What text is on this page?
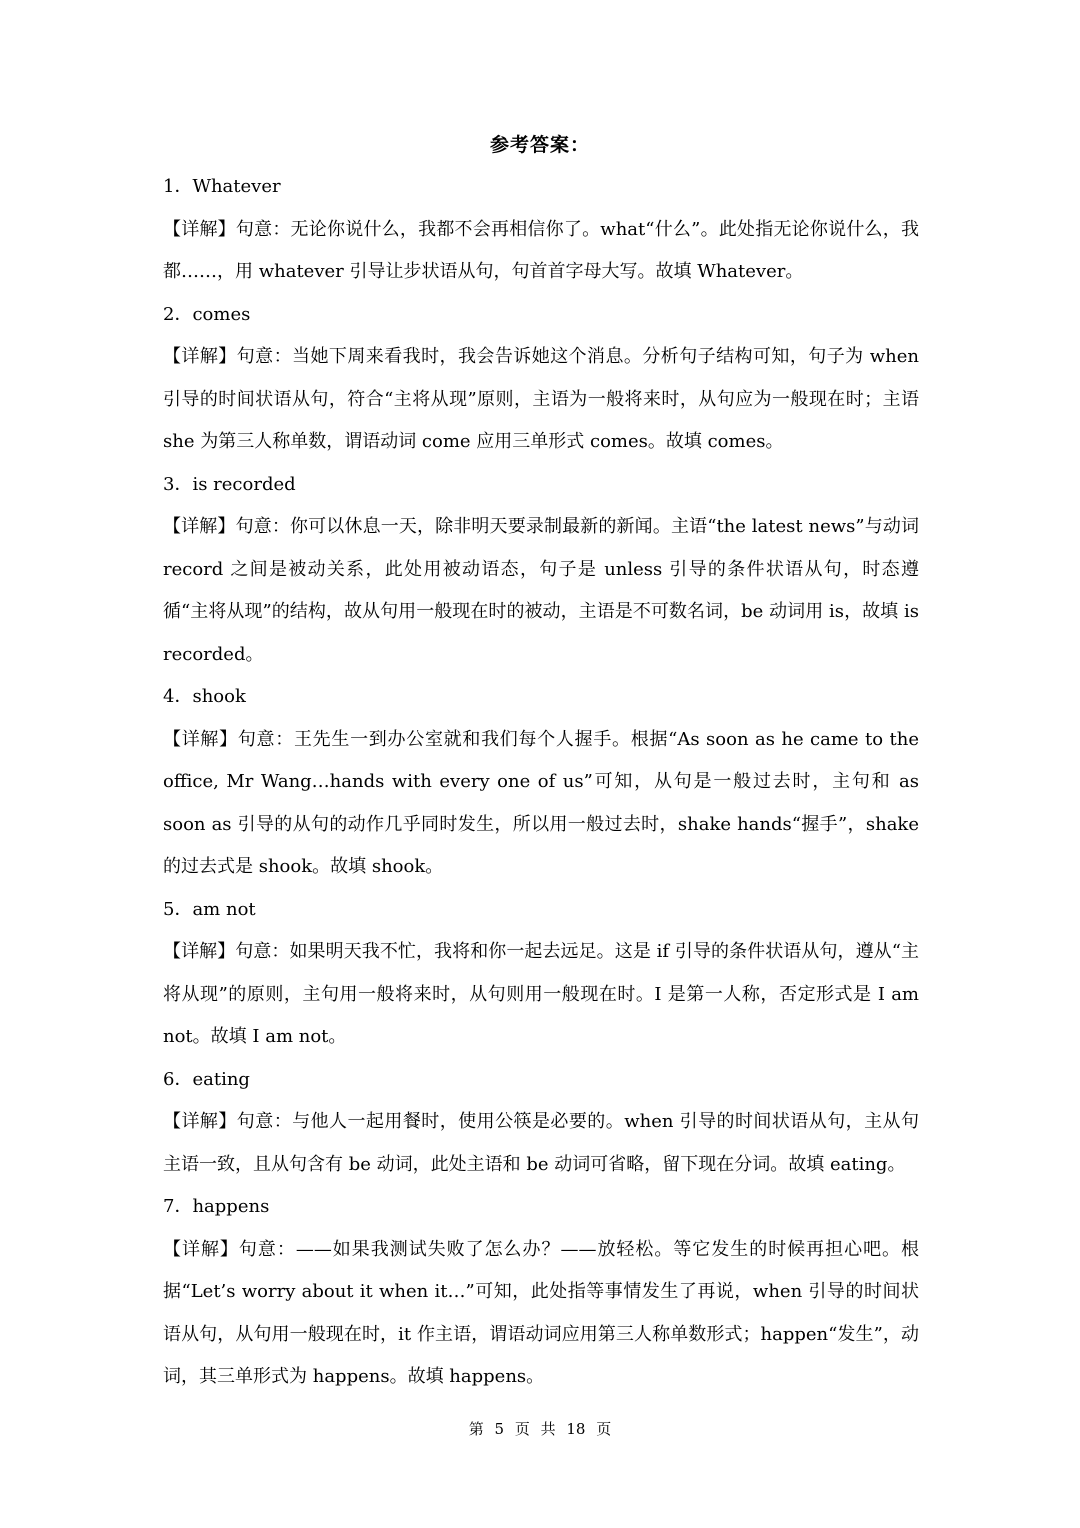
参考答案：
1．Whatever

【详解】句意：无论你说什么，我都不会再相信你了。what“什么”。此处指无论你说什么，我都……，用 whatever 引导让步状语从句，句首首字母大写。故填 Whatever。

2．comes

【详解】句意：当她下周来看我时，我会告诉她这个消息。分析句子结构可知，句子为 when 引导的时间状语从句，符合“主将从现”原则，主语为一般将来时，从句应为一般现在时；主语 she 为第三人称单数，谓语动词 come 应用三单形式 comes。故填 comes。

3．is recorded

【详解】句意：你可以休息一天，除非明天要录制最新的新闻。主语“the latest news”与动词 record 之间是被动关系，此处用被动语态，句子是 unless 引导的条件状语从句，时态遵循“主将从现”的结构，故从句用一般现在时的被动，主语是不可数名词，be 动词用 is，故填 is recorded。

4．shook

【详解】句意：王先生一到办公室就和我们每个人握手。根据“As soon as he came to the office, Mr Wang…hands with every one of us”可知，从句是一般过去时，主句和 as soon as 引导的从句的动作几乎同时发生，所以用一般过去时，shake hands“握手”，shake 的过去式是 shook。故填 shook。

5．am not

【详解】句意：如果明天我不忙，我将和你一起去远足。这是 if 引导的条件状语从句，遵从“主将从现”的原则，主句用一般将来时，从句则用一般现在时。I 是第一人称，否定形式是 I am not。故填 I am not。

6．eating

【详解】句意：与他人一起用餐时，使用公筷是必要的。when 引导的时间状语从句，主从句主语一致，且从句含有 be 动词，此处主语和 be 动词可省略，留下现在分词。故填 eating。

7．happens

【详解】句意：——如果我测试失败了怎么办？——放轻松。等它发生的时候再担心吧。根据“Let’s worry about it when it…”可知，此处指等事情发生了再说，when 引导的时间状语从句，从句用一般现在时，it 作主语，谓语动词应用第三人称单数形式；happen“发生”，动词，其三单形式为 happens。故填 happens。

第 5 页 共 18 页
